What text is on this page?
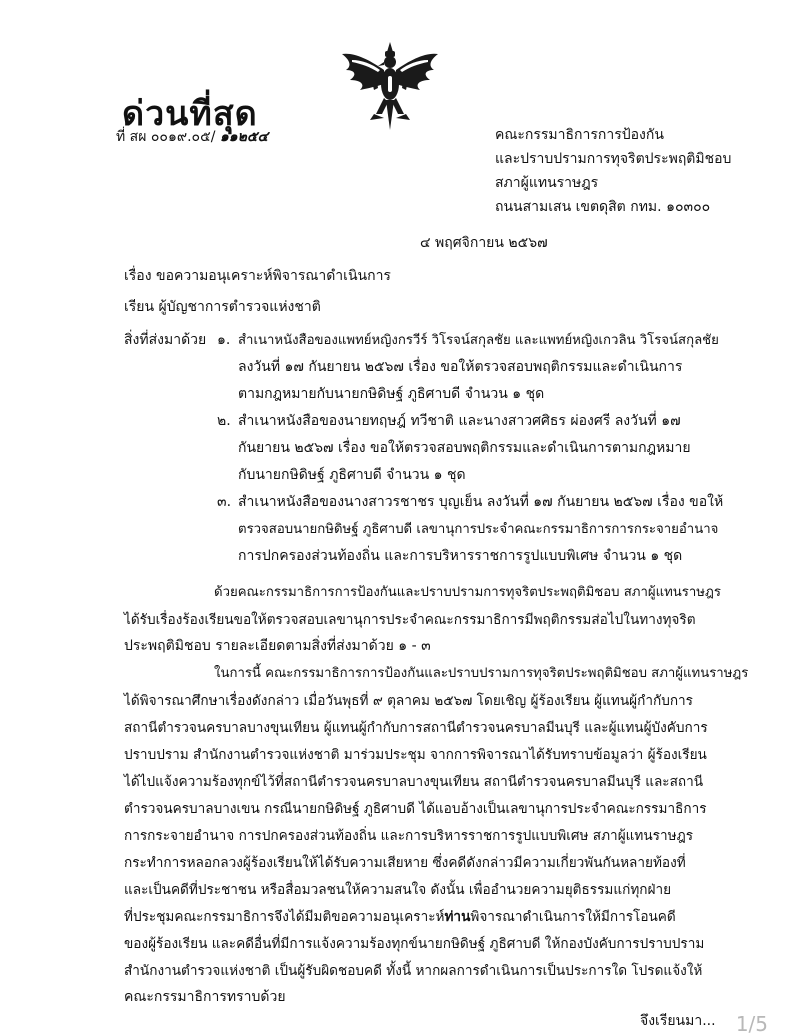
ด่วนที่สุด
ที่ สผ ๐๐๑๙.๐๕/ ๑๑๒๕๔	คณะกรรมาธิการการป้องกัน
และปราบปรามการทุจริตประพฤติมิชอบ
สภาผู้แทนราษฎร
ถนนสามเสน เขตดุสิต กทม. ๑๐๓๐๐
๔ พฤศจิกายน ๒๕๖๗
เรื่อง ขอความอนุเคราะห์พิจารณาดำเนินการ
เรียน ผู้บัญชาการตำรวจแห่งชาติ
สิ่งที่ส่งมาด้วย ๑. สำเนาหนังสือของแพทย์หญิงกรวีร์ วิโรจน์สกุลชัย และแพทย์หญิงเกวลิน วิโรจน์สกุลชัย
ลงวันที่ ๑๗ กันยายน ๒๕๖๗ เรื่อง ขอให้ตรวจสอบพฤติกรรมและดำเนินการ
ตามกฎหมายกับนายกษิดิษฐ์ ภูธิศาบดี จำนวน ๑ ชุด
๒. สำเนาหนังสือของนายทฤษฎ์ ทวีชาติ และนางสาวศศิธร ผ่องศรี ลงวันที่ ๑๗
กันยายน ๒๕๖๗ เรื่อง ขอให้ตรวจสอบพฤติกรรมและดำเนินการตามกฎหมาย
กับนายกษิดิษฐ์ ภูธิศาบดี จำนวน ๑ ชุด
๓. สำเนาหนังสือของนางสาวรชาชร บุญเย็น ลงวันที่ ๑๗ กันยายน ๒๕๖๗ เรื่อง ขอให้
ตรวจสอบนายกษิดิษฐ์ ภูธิศาบดี เลขานุการประจำคณะกรรมาธิการการกระจายอำนาจ
การปกครองส่วนท้องถิ่น และการบริหารราชการรูปแบบพิเศษ จำนวน ๑ ชุด
ด้วยคณะกรรมาธิการการป้องกันและปราบปรามการทุจริตประพฤติมิชอบ สภาผู้แทนราษฎร
ได้รับเรื่องร้องเรียนขอให้ตรวจสอบเลขานุการประจำคณะกรรมาธิการมีพฤติกรรมส่อไปในทางทุจริต
ประพฤติมิชอบ รายละเอียดตามสิ่งที่ส่งมาด้วย ๑ - ๓
ในการนี้ คณะกรรมาธิการการป้องกันและปราบปรามการทุจริตประพฤติมิชอบ สภาผู้แทนราษฎร
ได้พิจารณาศึกษาเรื่องดังกล่าว เมื่อวันพุธที่ ๙ ตุลาคม ๒๕๖๗ โดยเชิญ ผู้ร้องเรียน ผู้แทนผู้กำกับการ
สถานีตำรวจนครบาลบางขุนเทียน ผู้แทนผู้กำกับการสถานีตำรวจนครบาลมีนบุรี และผู้แทนผู้บังคับการ
ปราบปราม สำนักงานตำรวจแห่งชาติ มาร่วมประชุม จากการพิจารณาได้รับทราบข้อมูลว่า ผู้ร้องเรียน
ได้ไปแจ้งความร้องทุกข์ไว้ที่สถานีตำรวจนครบาลบางขุนเทียน สถานีตำรวจนครบาลมีนบุรี และสถานี
ตำรวจนครบาลบางเขน กรณีนายกษิดิษฐ์ ภูธิศาบดี ได้แอบอ้างเป็นเลขานุการประจำคณะกรรมาธิการ
การกระจายอำนาจ การปกครองส่วนท้องถิ่น และการบริหารราชการรูปแบบพิเศษ สภาผู้แทนราษฎร
กระทำการหลอกลวงผู้ร้องเรียนให้ได้รับความเสียหาย ซึ่งคดีดังกล่าวมีความเกี่ยวพันกันหลายท้องที่
และเป็นคดีที่ประชาชน หรือสื่อมวลชนให้ความสนใจ ดังนั้น เพื่ออำนวยความยุติธรรมแก่ทุกฝ่าย
ที่ประชุมคณะกรรมาธิการจึงได้มีมติขอความอนุเคราะห์ท่านพิจารณาดำเนินการให้มีการโอนคดี
ของผู้ร้องเรียน และคดีอื่นที่มีการแจ้งความร้องทุกข์นายกษิดิษฐ์ ภูธิศาบดี ให้กองบังคับการปราบปราม
สำนักงานตำรวจแห่งชาติ เป็นผู้รับผิดชอบคดี ทั้งนี้ หากผลการดำเนินการเป็นประการใด โปรดแจ้งให้
คณะกรรมาธิการทราบด้วย
จึงเรียนมา... 1/5
